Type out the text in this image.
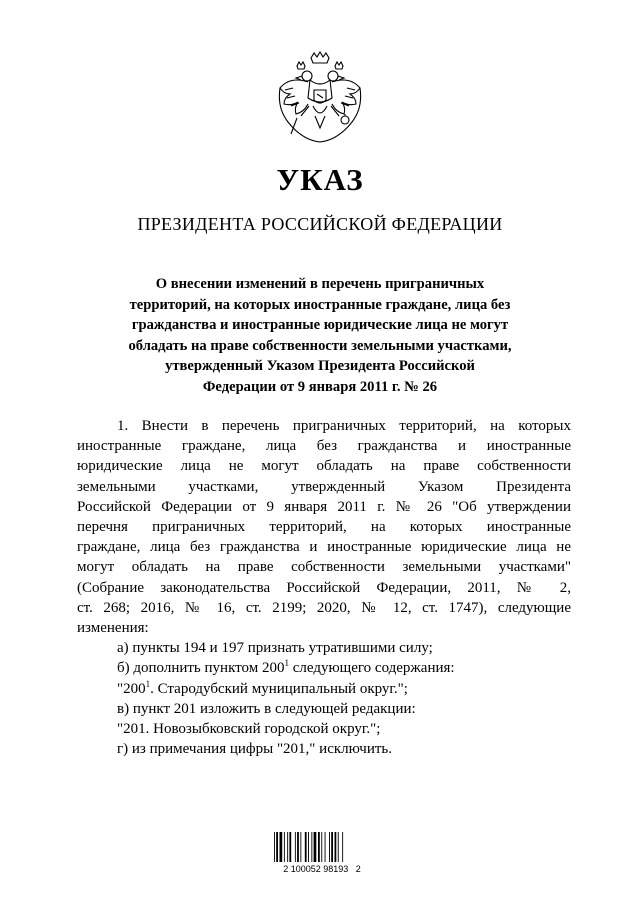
УКАЗ
ПРЕЗИДЕНТА РОССИЙСКОЙ ФЕДЕРАЦИИ
О внесении изменений в перечень приграничных
территорий, на которых иностранные граждане, лица без
гражданства и иностранные юридические лица не могут
обладать на праве собственности земельными участками,
утвержденный Указом Президента Российской
Федерации от 9 января 2011 г. № 26
1. Внести в перечень приграничных территорий, на которых
иностранные граждане, лица без гражданства и иностранные
юридические лица не могут обладать на праве собственности
земельными участками, утвержденный Указом Президента
Российской Федерации от 9 января 2011 г. № 26 "Об утверждении
перечня приграничных территорий, на которых иностранные
граждане, лица без гражданства и иностранные юридические лица не
могут обладать на праве собственности земельными участками"
(Собрание законодательства Российской Федерации, 2011, № 2,
ст. 268; 2016, № 16, ст. 2199; 2020, № 12, ст. 1747), следующие
изменения:
а) пункты 194 и 197 признать утратившими силу;
б) дополнить пунктом $200^1$ следующего содержания:
"$200^1$. Стародубский муниципальный округ.";
в) пункт 201 изложить в следующей редакции:
"201. Новозыбковский городской округ.";
г) из примечания цифры "201," исключить.
2 100052 98193   2
